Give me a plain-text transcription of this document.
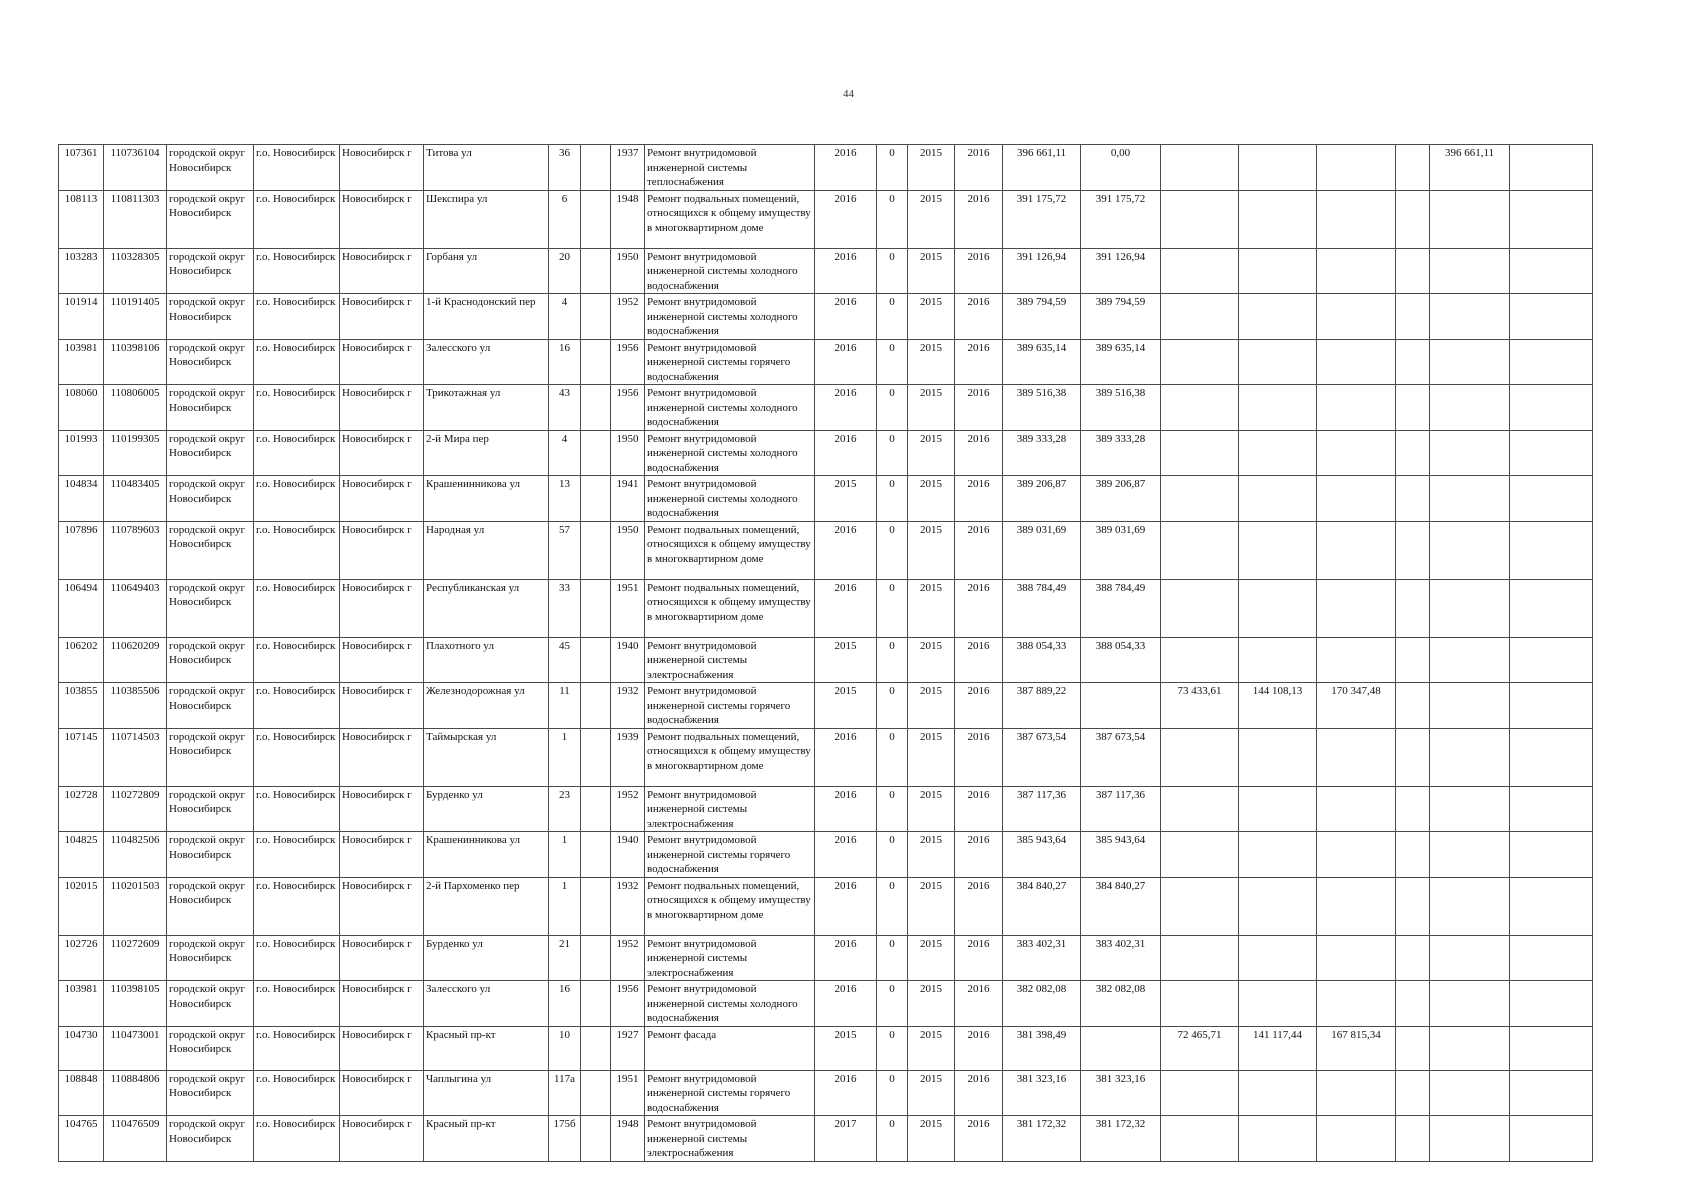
44
107361	110736104	городской округ Новосибирск	г.о. Новосибирск	Новосибирск г	Титова ул	36		1937	Ремонт внутридомовой инженерной системы теплоснабжения	2016	0	2015	2016	396 661,11	0,00					396 661,11	
108113	110811303	городской округ Новосибирск	г.о. Новосибирск	Новосибирск г	Шекспира ул	6		1948	Ремонт подвальных помещений, относящихся к общему имуществу в многоквартирном доме	2016	0	2015	2016	391 175,72	391 175,72						
103283	110328305	городской округ Новосибирск	г.о. Новосибирск	Новосибирск г	Горбаня ул	20		1950	Ремонт внутридомовой инженерной системы холодного водоснабжения	2016	0	2015	2016	391 126,94	391 126,94						
101914	110191405	городской округ Новосибирск	г.о. Новосибирск	Новосибирск г	1-й Краснодонский пер	4		1952	Ремонт внутридомовой инженерной системы холодного водоснабжения	2016	0	2015	2016	389 794,59	389 794,59						
103981	110398106	городской округ Новосибирск	г.о. Новосибирск	Новосибирск г	Залесского ул	16		1956	Ремонт внутридомовой инженерной системы горячего водоснабжения	2016	0	2015	2016	389 635,14	389 635,14						
108060	110806005	городской округ Новосибирск	г.о. Новосибирск	Новосибирск г	Трикотажная ул	43		1956	Ремонт внутридомовой инженерной системы холодного водоснабжения	2016	0	2015	2016	389 516,38	389 516,38						
101993	110199305	городской округ Новосибирск	г.о. Новосибирск	Новосибирск г	2-й Мира пер	4		1950	Ремонт внутридомовой инженерной системы холодного водоснабжения	2016	0	2015	2016	389 333,28	389 333,28						
104834	110483405	городской округ Новосибирск	г.о. Новосибирск	Новосибирск г	Крашенинникова ул	13		1941	Ремонт внутридомовой инженерной системы холодного водоснабжения	2015	0	2015	2016	389 206,87	389 206,87						
107896	110789603	городской округ Новосибирск	г.о. Новосибирск	Новосибирск г	Народная ул	57		1950	Ремонт подвальных помещений, относящихся к общему имуществу в многоквартирном доме	2016	0	2015	2016	389 031,69	389 031,69						
106494	110649403	городской округ Новосибирск	г.о. Новосибирск	Новосибирск г	Республиканская ул	33		1951	Ремонт подвальных помещений, относящихся к общему имуществу в многоквартирном доме	2016	0	2015	2016	388 784,49	388 784,49						
106202	110620209	городской округ Новосибирск	г.о. Новосибирск	Новосибирск г	Плахотного ул	45		1940	Ремонт внутридомовой инженерной системы электроснабжения	2015	0	2015	2016	388 054,33	388 054,33						
103855	110385506	городской округ Новосибирск	г.о. Новосибирск	Новосибирск г	Железнодорожная ул	11		1932	Ремонт внутридомовой инженерной системы горячего водоснабжения	2015	0	2015	2016	387 889,22		73 433,61	144 108,13	170 347,48			
107145	110714503	городской округ Новосибирск	г.о. Новосибирск	Новосибирск г	Таймырская ул	1		1939	Ремонт подвальных помещений, относящихся к общему имуществу в многоквартирном доме	2016	0	2015	2016	387 673,54	387 673,54						
102728	110272809	городской округ Новосибирск	г.о. Новосибирск	Новосибирск г	Бурденко ул	23		1952	Ремонт внутридомовой инженерной системы электроснабжения	2016	0	2015	2016	387 117,36	387 117,36						
104825	110482506	городской округ Новосибирск	г.о. Новосибирск	Новосибирск г	Крашенинникова ул	1		1940	Ремонт внутридомовой инженерной системы горячего водоснабжения	2016	0	2015	2016	385 943,64	385 943,64						
102015	110201503	городской округ Новосибирск	г.о. Новосибирск	Новосибирск г	2-й Пархоменко пер	1		1932	Ремонт подвальных помещений, относящихся к общему имуществу в многоквартирном доме	2016	0	2015	2016	384 840,27	384 840,27						
102726	110272609	городской округ Новосибирск	г.о. Новосибирск	Новосибирск г	Бурденко ул	21		1952	Ремонт внутридомовой инженерной системы электроснабжения	2016	0	2015	2016	383 402,31	383 402,31						
103981	110398105	городской округ Новосибирск	г.о. Новосибирск	Новосибирск г	Залесского ул	16		1956	Ремонт внутридомовой инженерной системы холодного водоснабжения	2016	0	2015	2016	382 082,08	382 082,08						
104730	110473001	городской округ Новосибирск	г.о. Новосибирск	Новосибирск г	Красный пр-кт	10		1927	Ремонт фасада	2015	0	2015	2016	381 398,49		72 465,71	141 117,44	167 815,34			
108848	110884806	городской округ Новосибирск	г.о. Новосибирск	Новосибирск г	Чаплыгина ул	117а		1951	Ремонт внутридомовой инженерной системы горячего водоснабжения	2016	0	2015	2016	381 323,16	381 323,16						
104765	110476509	городской округ Новосибирск	г.о. Новосибирск	Новосибирск г	Красный пр-кт	175б		1948	Ремонт внутридомовой инженерной системы электроснабжения	2017	0	2015	2016	381 172,32	381 172,32						
